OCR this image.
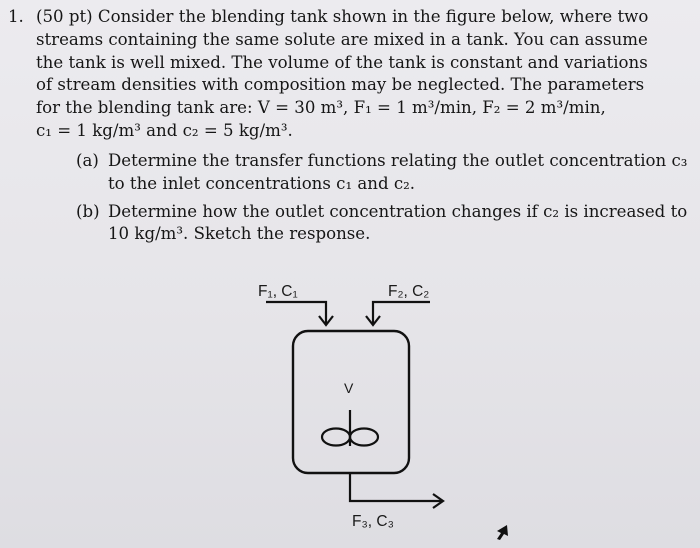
1. (50 pt) Consider the blending tank shown in the figure below, where two
streams containing the same solute are mixed in a tank. You can assume
the tank is well mixed. The volume of the tank is constant and variations
of stream densities with composition may be neglected. The parameters
for the blending tank are: V = 30 m³, F₁ = 1 m³/min, F₂ = 2 m³/min,
c₁ = 1 kg/m³ and c₂ = 5 kg/m³.
(a) Determine the transfer functions relating the outlet concentration c₃
to the inlet concentrations c₁ and c₂.
(b) Determine how the outlet concentration changes if c₂ is increased to
10 kg/m³. Sketch the response.
F₁, C₁	F₂, C₂
V
F₃, C₃
